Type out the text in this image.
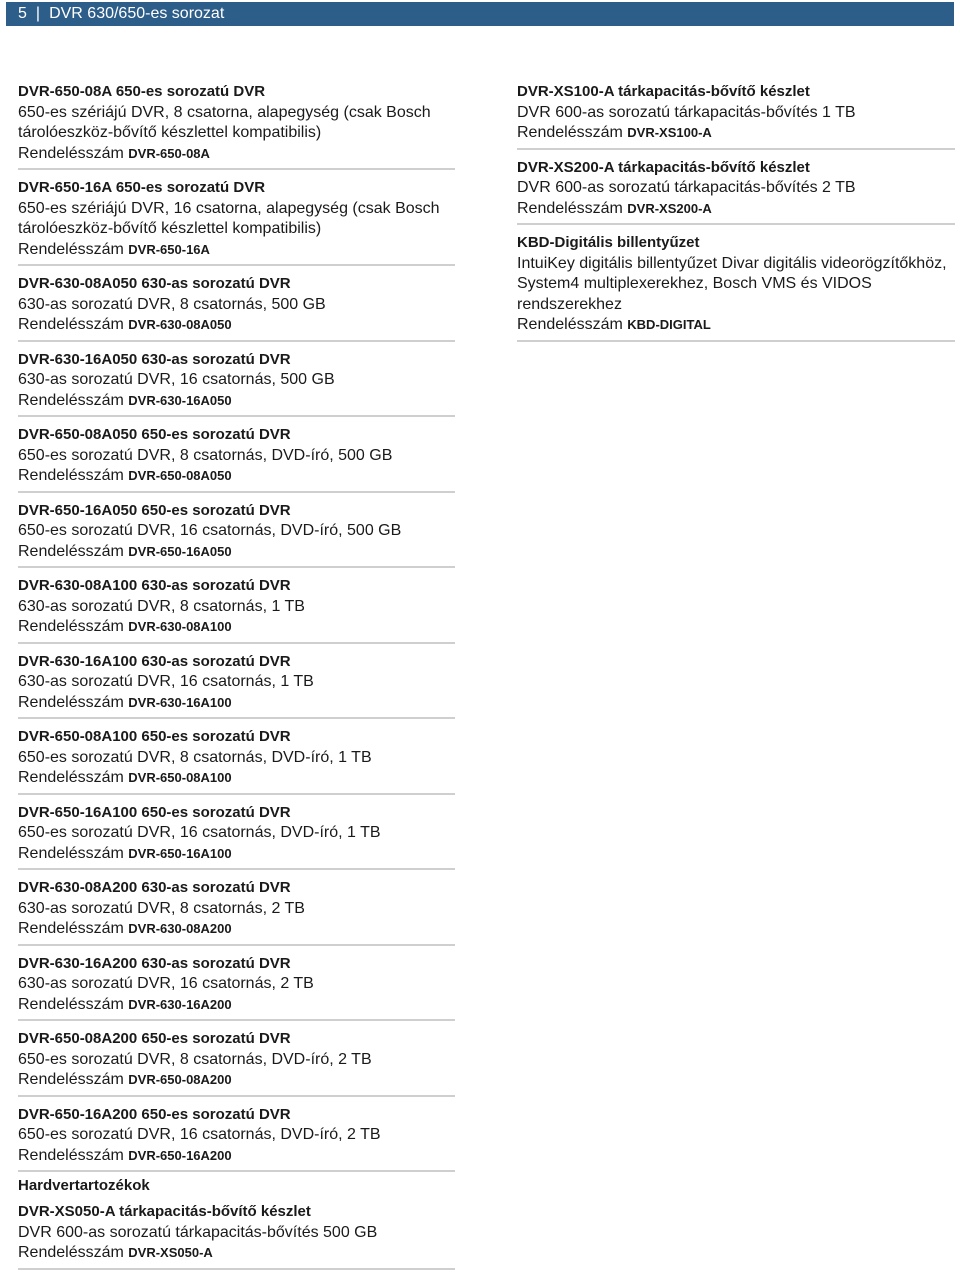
5 | DVR 630/650-es sorozat
DVR-650-08A 650-es sorozatú DVR
650-es szériájú DVR, 8 csatorna, alapegység (csak Bosch tárolóeszköz-bővítő készlettel kompatibilis)
Rendelésszám DVR-650-08A
DVR-650-16A 650-es sorozatú DVR
650-es szériájú DVR, 16 csatorna, alapegység (csak Bosch tárolóeszköz-bővítő készlettel kompatibilis)
Rendelésszám DVR-650-16A
DVR-630-08A050 630-as sorozatú DVR
630-as sorozatú DVR, 8 csatornás, 500 GB
Rendelésszám DVR-630-08A050
DVR-630-16A050 630-as sorozatú DVR
630-as sorozatú DVR, 16 csatornás, 500 GB
Rendelésszám DVR-630-16A050
DVR-650-08A050 650-es sorozatú DVR
650-es sorozatú DVR, 8 csatornás, DVD-író, 500 GB
Rendelésszám DVR-650-08A050
DVR-650-16A050 650-es sorozatú DVR
650-es sorozatú DVR, 16 csatornás, DVD-író, 500 GB
Rendelésszám DVR-650-16A050
DVR-630-08A100 630-as sorozatú DVR
630-as sorozatú DVR, 8 csatornás, 1 TB
Rendelésszám DVR-630-08A100
DVR-630-16A100 630-as sorozatú DVR
630-as sorozatú DVR, 16 csatornás, 1 TB
Rendelésszám DVR-630-16A100
DVR-650-08A100 650-es sorozatú DVR
650-es sorozatú DVR, 8 csatornás, DVD-író, 1 TB
Rendelésszám DVR-650-08A100
DVR-650-16A100 650-es sorozatú DVR
650-es sorozatú DVR, 16 csatornás, DVD-író, 1 TB
Rendelésszám DVR-650-16A100
DVR-630-08A200 630-as sorozatú DVR
630-as sorozatú DVR, 8 csatornás, 2 TB
Rendelésszám DVR-630-08A200
DVR-630-16A200 630-as sorozatú DVR
630-as sorozatú DVR, 16 csatornás, 2 TB
Rendelésszám DVR-630-16A200
DVR-650-08A200 650-es sorozatú DVR
650-es sorozatú DVR, 8 csatornás, DVD-író, 2 TB
Rendelésszám DVR-650-08A200
DVR-650-16A200 650-es sorozatú DVR
650-es sorozatú DVR, 16 csatornás, DVD-író, 2 TB
Rendelésszám DVR-650-16A200
Hardvertartozékok
DVR-XS050-A tárkapacitás-bővítő készlet
DVR 600-as sorozatú tárkapacitás-bővítés 500 GB
Rendelésszám DVR-XS050-A
DVR-XS100-A tárkapacitás-bővítő készlet
DVR 600-as sorozatú tárkapacitás-bővítés 1 TB
Rendelésszám DVR-XS100-A
DVR-XS200-A tárkapacitás-bővítő készlet
DVR 600-as sorozatú tárkapacitás-bővítés 2 TB
Rendelésszám DVR-XS200-A
KBD-Digitális billentyűzet
IntuiKey digitális billentyűzet Divar digitális videorögzítőkhöz, System4 multiplexerekhez, Bosch VMS és VIDOS rendszerekhez
Rendelésszám KBD-DIGITAL
